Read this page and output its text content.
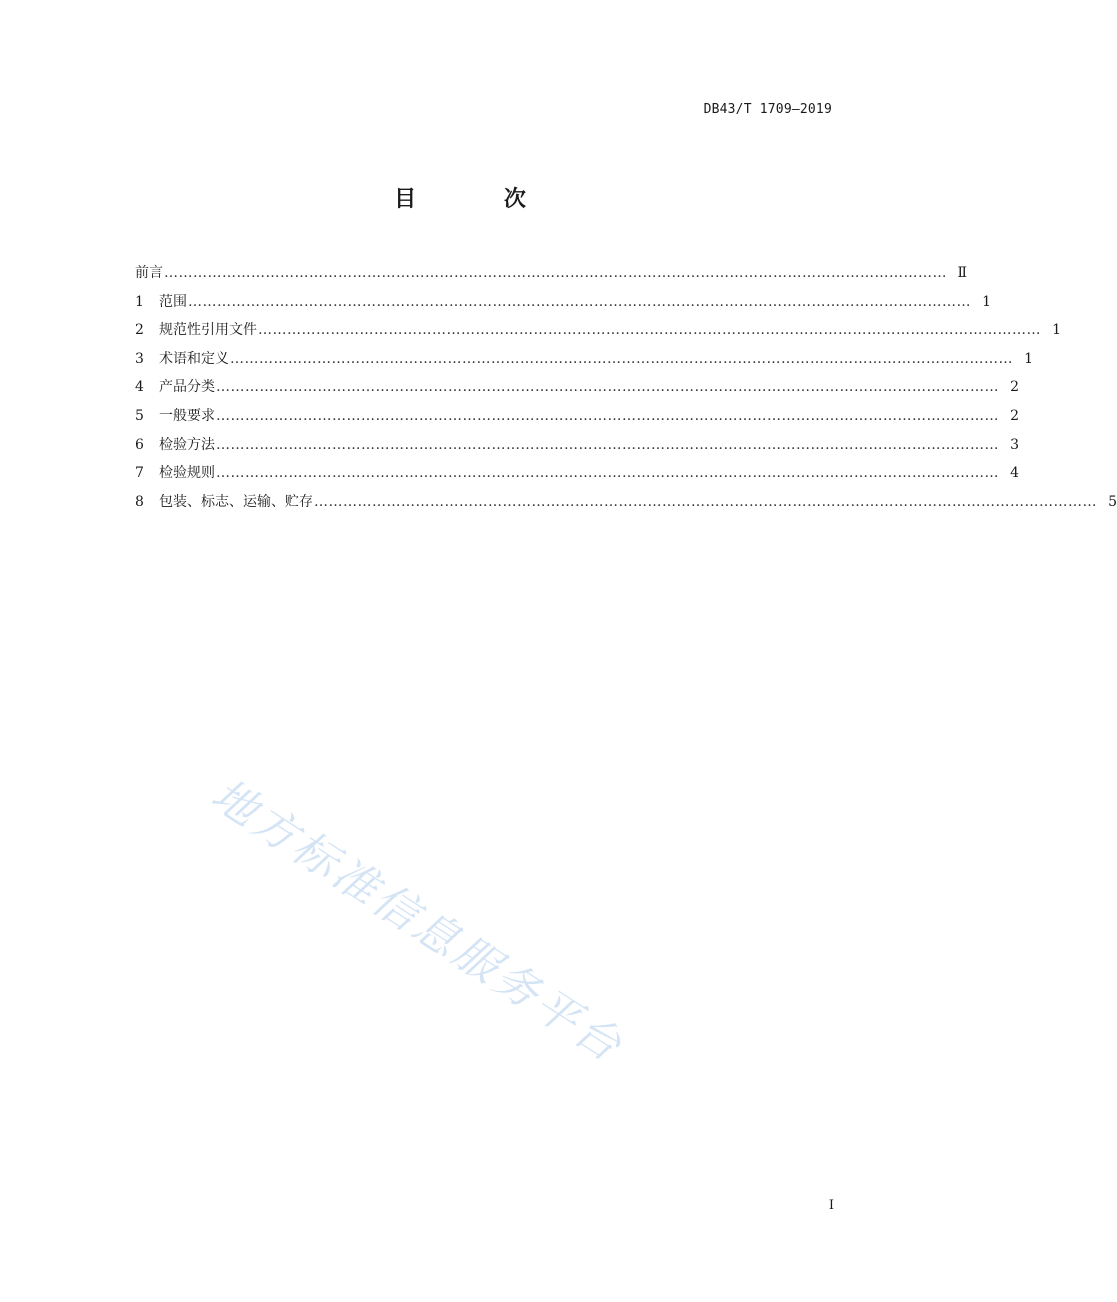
DB43/T 1709—2019
目 次
前言 ……………………………………………………………………………………………………………………………………………… Ⅱ
1	范围 ……………………………………………………………………………………………………………………………………………… 1
2	规范性引用文件 ……………………………………………………………………………………………………………………………………………… 1
3	术语和定义 ……………………………………………………………………………………………………………………………………………… 1
4	产品分类 ……………………………………………………………………………………………………………………………………………… 2
5	一般要求 ……………………………………………………………………………………………………………………………………………… 2
6	检验方法 ……………………………………………………………………………………………………………………………………………… 3
7	检验规则 ……………………………………………………………………………………………………………………………………………… 4
8	包装、标志、运输、贮存 ……………………………………………………………………………………………………………………………………………… 5
地方标准信息服务平台
I
